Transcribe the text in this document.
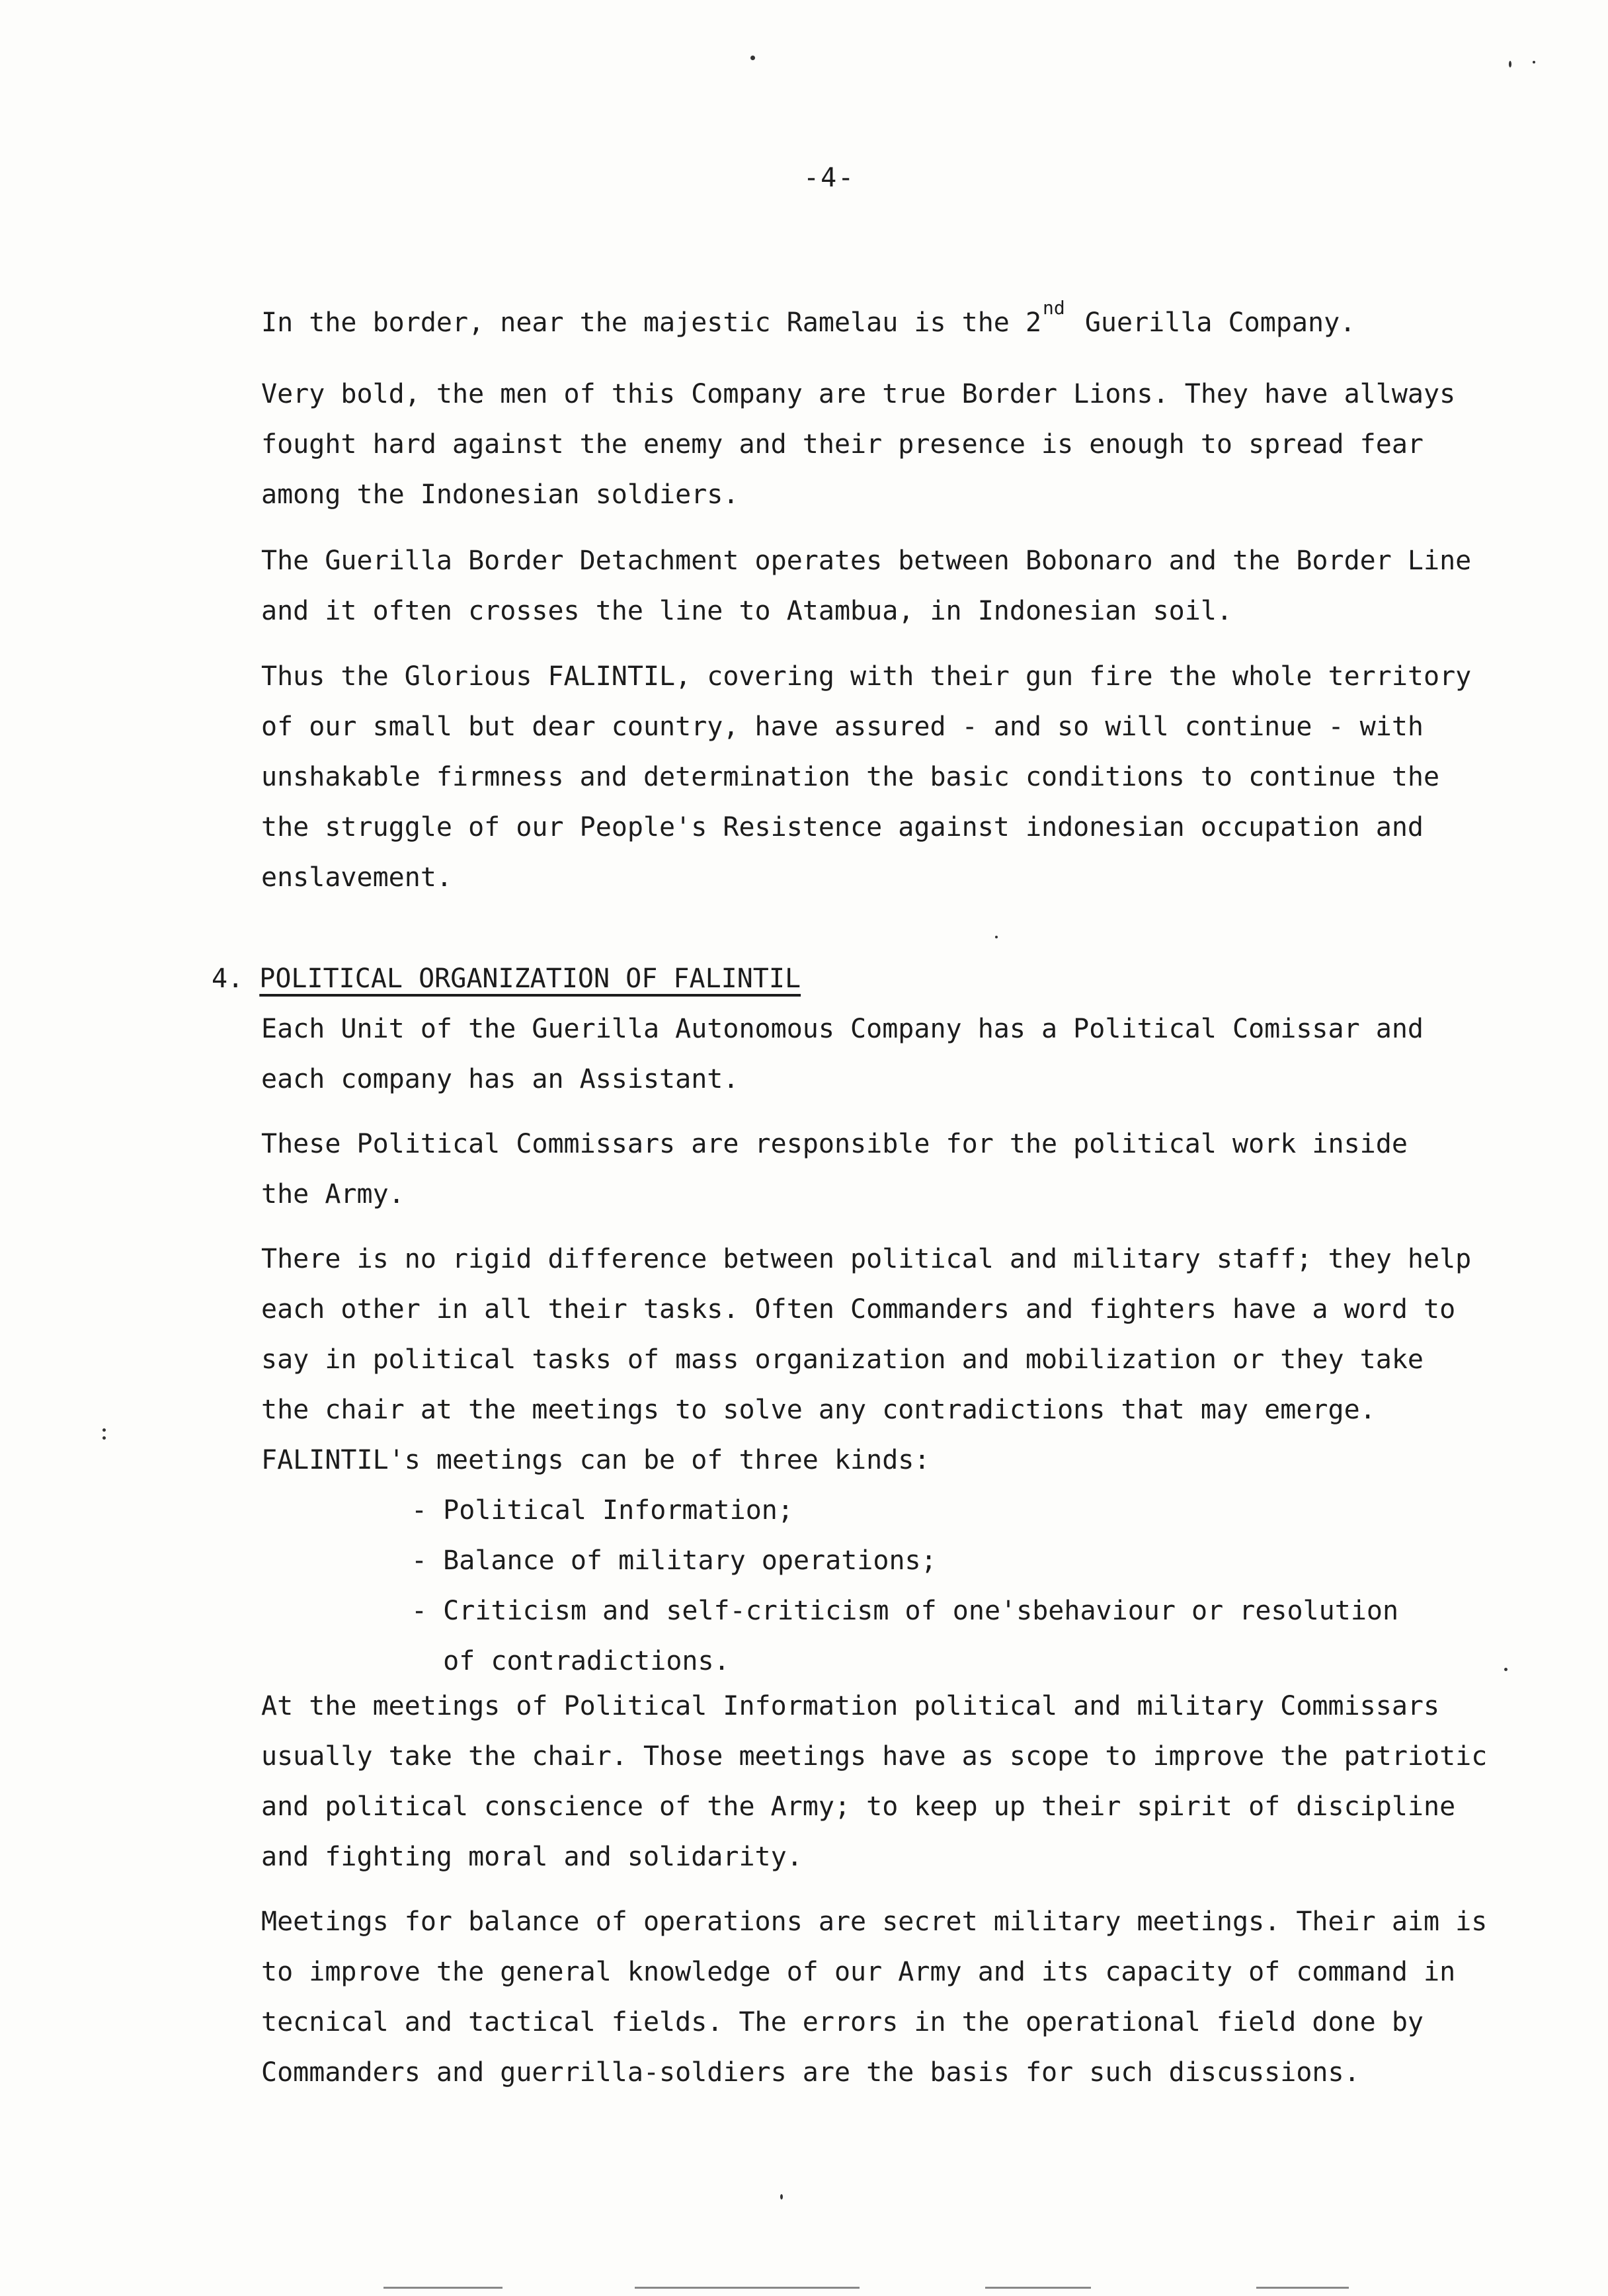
-4-
In the border, near the majestic Ramelau is the 2nd Guerilla Company.
Very bold, the men of this Company are true Border Lions. They have allways
fought hard against the enemy and their presence is enough to spread fear
among the Indonesian soldiers.
The Guerilla Border Detachment operates between Bobonaro and the Border Line
and it often crosses the line to Atambua, in Indonesian soil.
Thus the Glorious FALINTIL, covering with their gun fire the whole territory
of our small but dear country, have assured - and so will continue - with
unshakable firmness and determination the basic conditions to continue the
the struggle of our People's Resistence against indonesian occupation and
enslavement.
4. POLITICAL ORGANIZATION OF FALINTIL
Each Unit of the Guerilla Autonomous Company has a Political Comissar and
each company has an Assistant.
These Political Commissars are responsible for the political work inside
the Army.
There is no rigid difference between political and military staff; they help
each other in all their tasks. Often Commanders and fighters have a word to
say in political tasks of mass organization and mobilization or they take
the chair at the meetings to solve any contradictions that may emerge.
FALINTIL's meetings can be of three kinds:
- Political Information;
- Balance of military operations;
- Criticism and self-criticism of one'sbehaviour or resolution
of contradictions.
At the meetings of Political Information political and military Commissars
usually take the chair. Those meetings have as scope to improve the patriotic
and political conscience of the Army; to keep up their spirit of discipline
and fighting moral and solidarity.
Meetings for balance of operations are secret military meetings. Their aim is
to improve the general knowledge of our Army and its capacity of command in
tecnical and tactical fields. The errors in the operational field done by
Commanders and guerrilla-soldiers are the basis for such discussions.
